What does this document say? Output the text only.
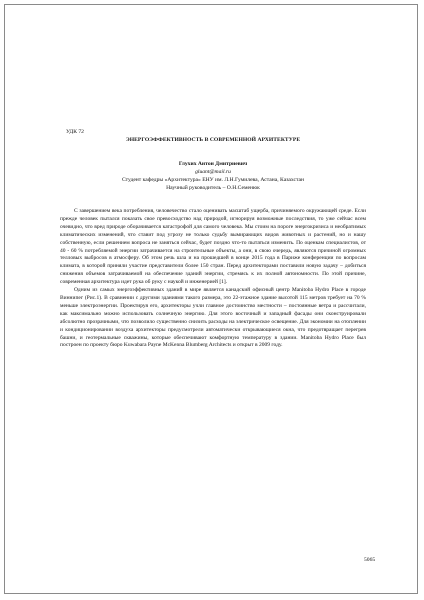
УДК 72

ЭНЕРГОЭФФЕКТИВНОСТЬ В СОВРЕМЕННОЙ АРХИТЕКТУРЕ

Глухих Антон Дмитриевич

gluant@mail.ru

Студент кафедры «Архитектура» ЕНУ им. Л.Н.Гумилева, Астана, Казахстан

Научный руководитель – О.Н.Семенюк

С завершением века потребления, человечество стало оценивать масштаб ущерба, причиняемого окружающей среде. Если прежде человек пытался показать свое превосходство над природой, игнорируя возможные последствия, то уже сейчас всем очевидно, что вред природе оборачивается катастрофой для самого человека. Мы стоим на пороге энергокризиса и необратимых климатических изменений, что ставит под угрозу не только судьбу вымирающих видов животных и растений, но и нашу собственную, если решением вопроса не заняться сейчас, будет поздно что-то пытаться изменить. По оценкам специалистов, от 40 - 60 % потребляемой энергии затрачивается на строительные объекты, а они, в свою очередь, являются причиной огромных телловых выбросов в атмосферу. Об этом речь шла и на прошедшей в конце 2015 года в Париже конференции по вопросам климата, в которой приняли участие представители более 150 стран. Перед архитекторами поставили новую задачу – добиться снижения объемов затрачиваемой на обеспечение зданий энергии, стремясь к их полной автономности. По этой причине, современная архитектура идет рука об руку с наукой и инженерией [1].

Одним из самых энергоэффективных зданий в мире является канадский офисный центр Manitoba Hydro Place в городе Виннипег (Рис.1). В сравнении с другими зданиями такого размера, это 22-этажное здание высотой 115 метров требует на 70 % меньше электроэнергии. Проектируя его, архитекторы учли главное достоинство местности – постоянные ветра и рассчитали, как максимально можно использовать солнечную энергию. Для этого восточный и западный фасады они сконструировали абсолютно прозрачными, что позволило существенно снизить расходы на электрическое освещение. Для экономии на отоплении и кондиционировании воздуха архитекторы предусмотрели автоматически открывающиеся окна, что предотвращает перегрев башни, и геотермальные скважины, которые обеспечивают комфортную температуру в здании. Manitoba Hydro Place был построен по проекту бюро Kuwabara Payne McKenna Blumberg Architects и открыт в 2009 году.

5065
